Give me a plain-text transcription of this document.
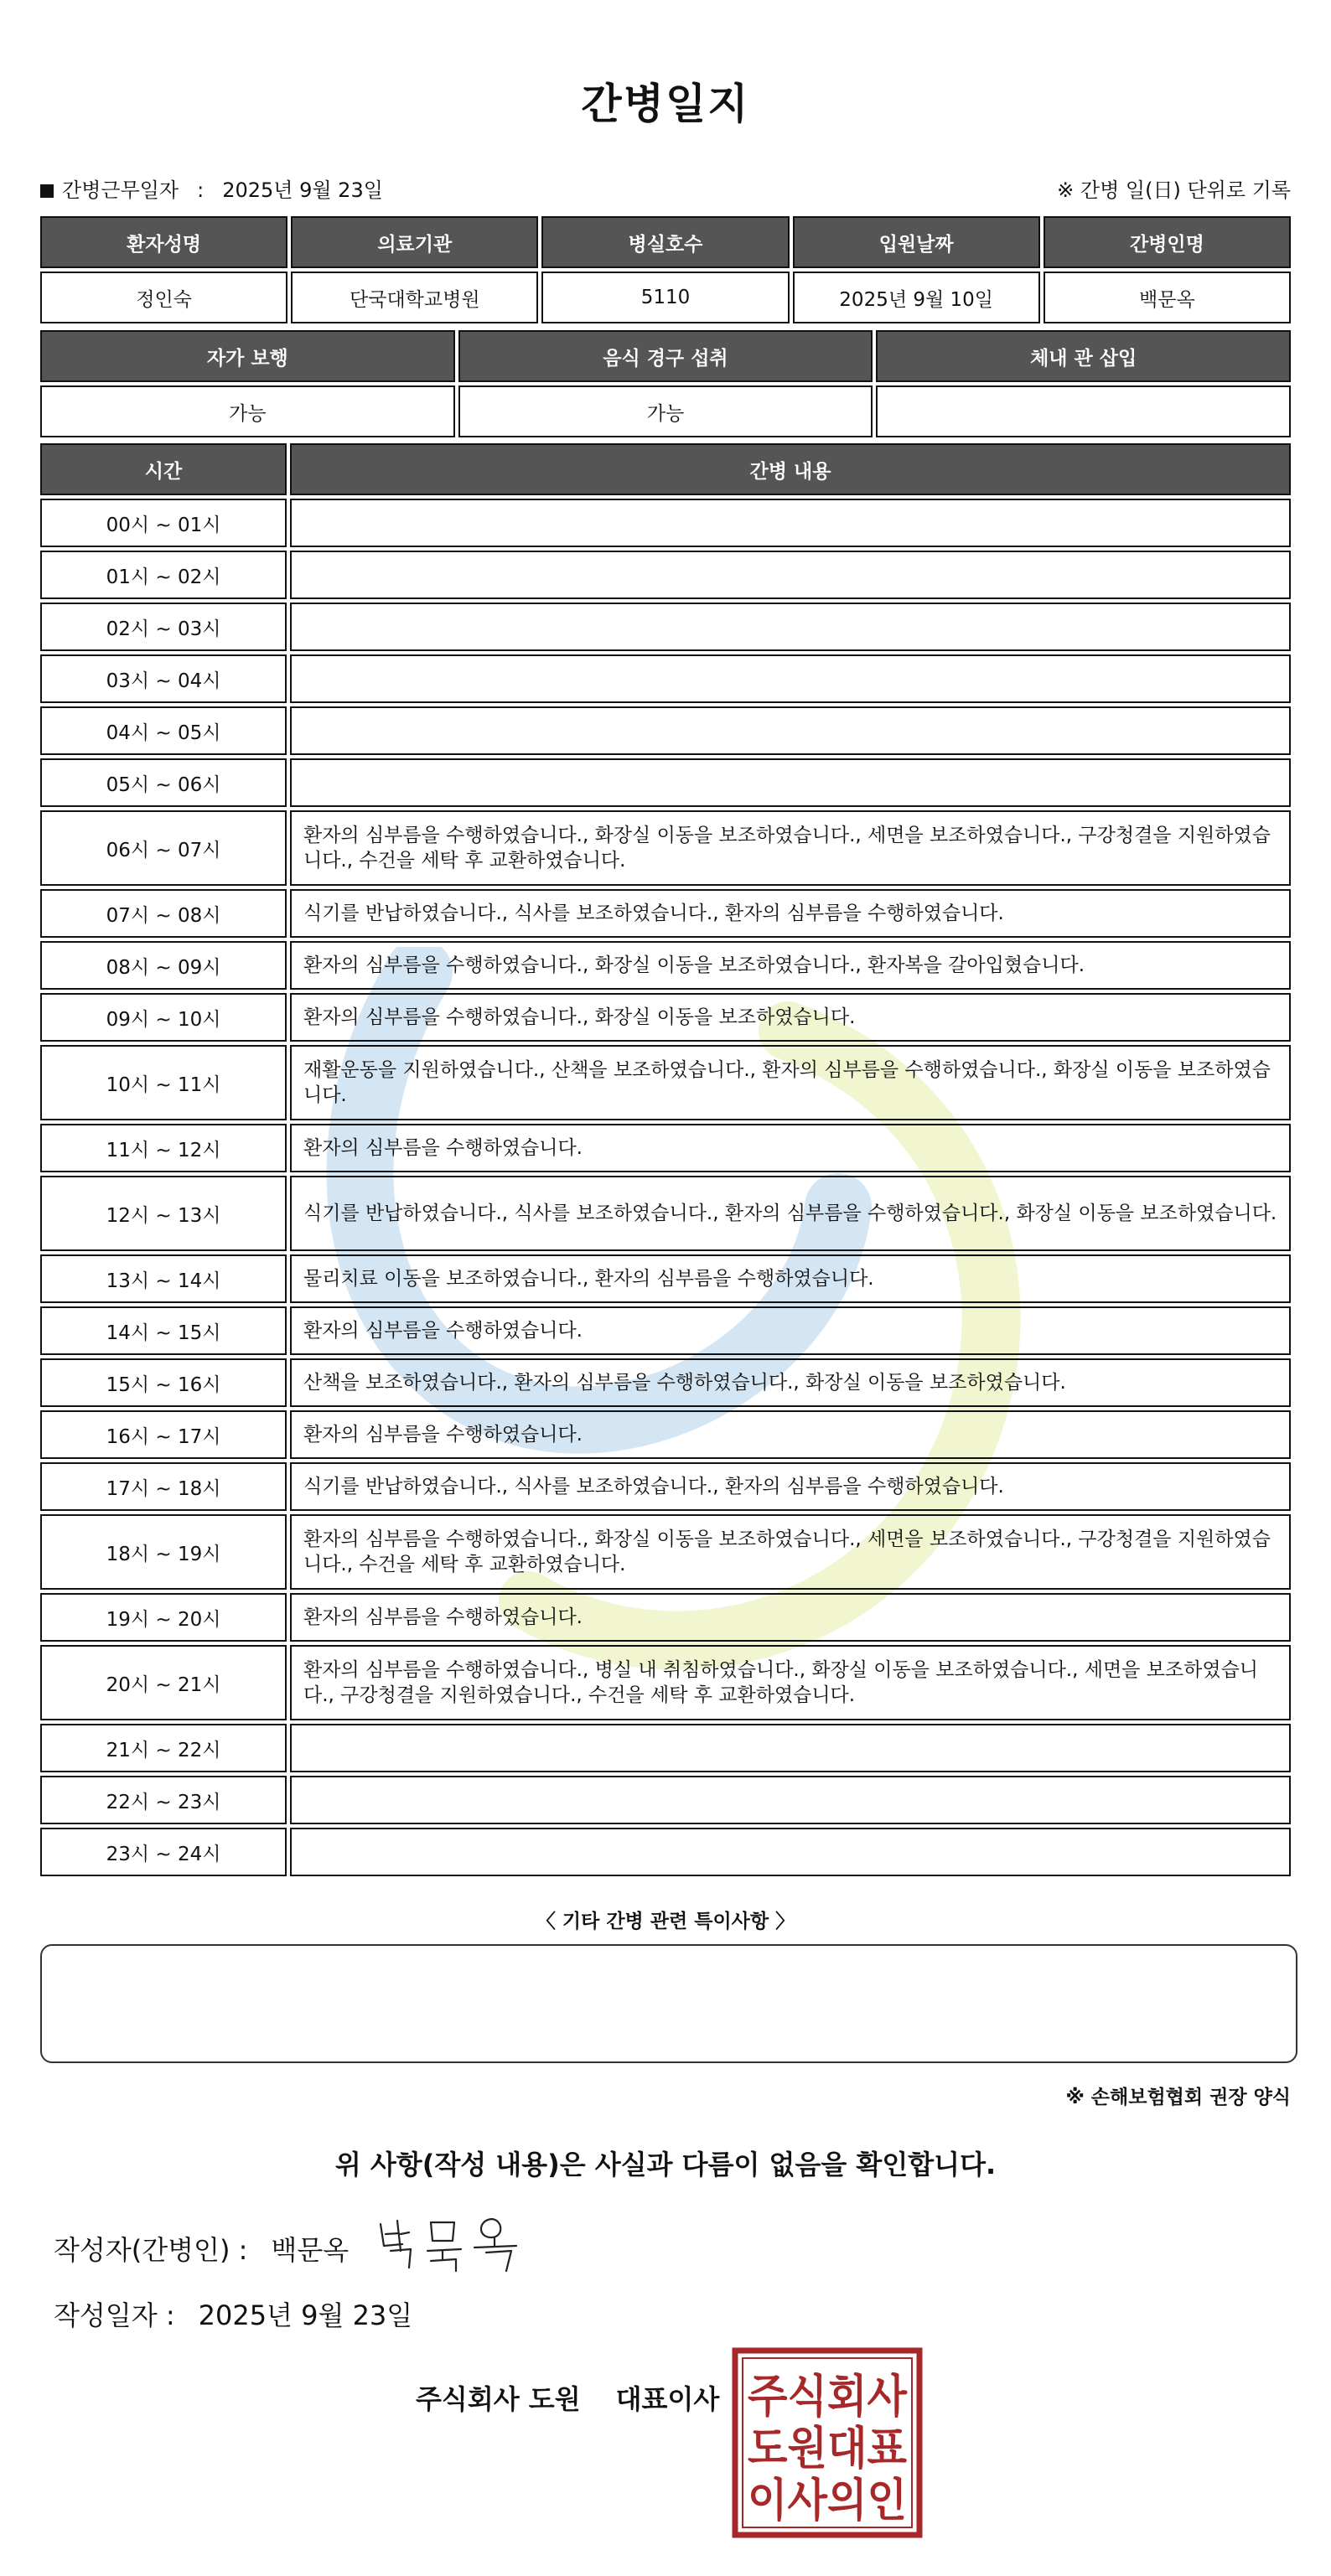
간병일지
간병근무일자 : 2025년 9월 23일	※ 간병 일(日) 단위로 기록
환자성명	의료기관	병실호수	입원날짜	간병인명
정인숙	단국대학교병원	5110	2025년 9월 10일	백문옥
자가 보행	음식 경구 섭취	체내 관 삽입
가능	가능	
시간	간병 내용
00시 ~ 01시	
01시 ~ 02시	
02시 ~ 03시	
03시 ~ 04시	
04시 ~ 05시	
05시 ~ 06시	
06시 ~ 07시	환자의 심부름을 수행하였습니다., 화장실 이동을 보조하였습니다., 세면을 보조하였습니다., 구강청결을 지원하였습니다., 수건을 세탁 후 교환하였습니다.
07시 ~ 08시	식기를 반납하였습니다., 식사를 보조하였습니다., 환자의 심부름을 수행하였습니다.
08시 ~ 09시	환자의 심부름을 수행하였습니다., 화장실 이동을 보조하였습니다., 환자복을 갈아입혔습니다.
09시 ~ 10시	환자의 심부름을 수행하였습니다., 화장실 이동을 보조하였습니다.
10시 ~ 11시	재활운동을 지원하였습니다., 산책을 보조하였습니다., 환자의 심부름을 수행하였습니다., 화장실 이동을 보조하였습니다.
11시 ~ 12시	환자의 심부름을 수행하였습니다.
12시 ~ 13시	식기를 반납하였습니다., 식사를 보조하였습니다., 환자의 심부름을 수행하였습니다., 화장실 이동을 보조하였습니다.
13시 ~ 14시	물리치료 이동을 보조하였습니다., 환자의 심부름을 수행하였습니다.
14시 ~ 15시	환자의 심부름을 수행하였습니다.
15시 ~ 16시	산책을 보조하였습니다., 환자의 심부름을 수행하였습니다., 화장실 이동을 보조하였습니다.
16시 ~ 17시	환자의 심부름을 수행하였습니다.
17시 ~ 18시	식기를 반납하였습니다., 식사를 보조하였습니다., 환자의 심부름을 수행하였습니다.
18시 ~ 19시	환자의 심부름을 수행하였습니다., 화장실 이동을 보조하였습니다., 세면을 보조하였습니다., 구강청결을 지원하였습니다., 수건을 세탁 후 교환하였습니다.
19시 ~ 20시	환자의 심부름을 수행하였습니다.
20시 ~ 21시	환자의 심부름을 수행하였습니다., 병실 내 취침하였습니다., 화장실 이동을 보조하였습니다., 세면을 보조하였습니다., 구강청결을 지원하였습니다., 수건을 세탁 후 교환하였습니다.
21시 ~ 22시	
22시 ~ 23시	
23시 ~ 24시	
〈 기타 간병 관련 특이사항 〉
※ 손해보험협회 권장 양식
위 사항(작성 내용)은 사실과 다름이 없음을 확인합니다.
작성자(간병인) : 백문옥
작성일자 : 2025년 9월 23일
주식회사 도원 대표이사 주식회사
도원대표
이사의인
